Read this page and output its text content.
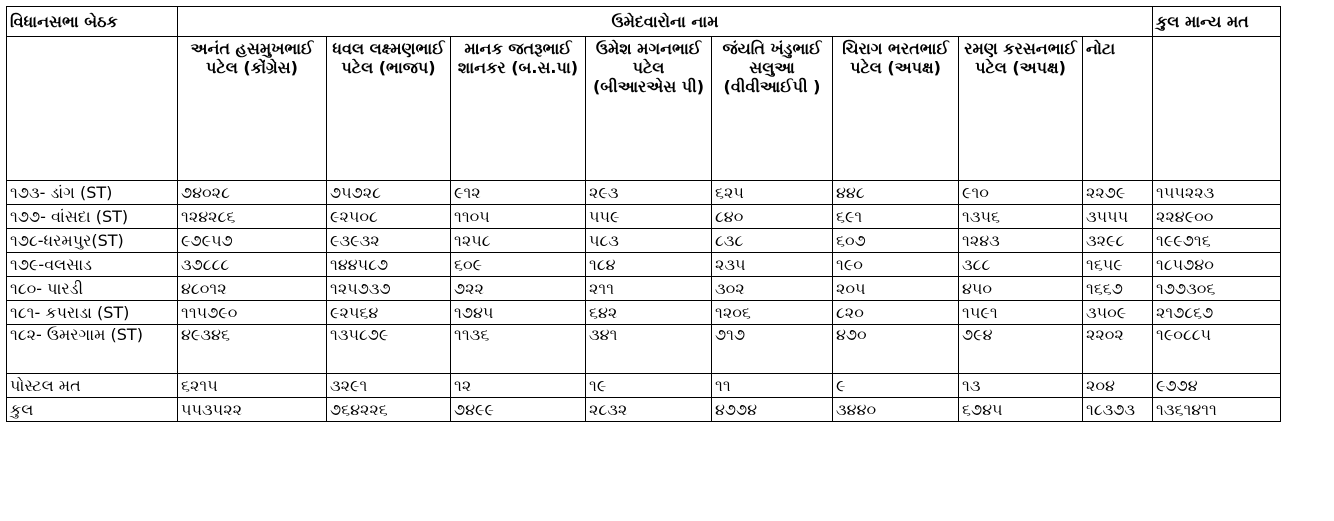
વિધાનસભા બેઠક	ઉમેદવારોના નામ								કુલ માન્ય મત
	અનંત હસમુખભાઈ પટેલ (કોંગ્રેસ)	ધવલ લક્ષ્મણભાઈ પટેલ (ભાજપ)	માનક જતરૂભાઈ શાનકર (બ.સ.પા)	ઉમેશ મગનભાઈ પટેલ (બીઆરએસ પી)	જંયતિ ખંડુભાઈ સલુઆ (વીવીઆઈપી )	ચિરાગ ભરતભાઈ પટેલ (અપક્ષ)	રમણ કરસનભાઈ પટેલ (અપક્ષ)	નોટા	
૧૭૩- ડાંગ (ST)	૭૪૦૨૮	૭૫૭૨૮	૯૧૨	૨૯૩	૬૨૫	૪૪૮	૯૧૦	૨૨૭૯	૧૫૫૨૨૩
૧૭૭- વાંસદા (ST)	૧૨૪૨૮૬	૯૨૫૦૮	૧૧૦૫	૫૫૯	૮૪૦	૬૯૧	૧૩૫૬	૩૫૫૫	૨૨૪૯૦૦
૧૭૮-ધરમપુર(ST)	૯૭૯૫૭	૯૩૯૩૨	૧૨૫૮	૫૮૩	૮૩૮	૬૦૭	૧૨૪૩	૩૨૯૮	૧૯૯૭૧૬
૧૭૯-વલસાડ	૩૭૮૮૮	૧૪૪૫૮૭	૬૦૯	૧૮૪	૨૩૫	૧૯૦	૩૮૮	૧૬૫૯	૧૮૫૭૪૦
૧૮૦- પારડી	૪૮૦૧૨	૧૨૫૭૩૭	૭૨૨	૨૧૧	૩૦૨	૨૦૫	૪૫૦	૧૬૬૭	૧૭૭૩૦૬
૧૮૧- કપરાડા (ST)	૧૧૫૭૯૦	૯૨૫૬૪	૧૭૪૫	૬૪૨	૧૨૦૬	૮૨૦	૧૫૯૧	૩૫૦૯	૨૧૭૮૬૭
૧૮૨- ઉમરગામ (ST)	૪૯૩૪૬	૧૩૫૮૭૯	૧૧૩૬	૩૪૧	૭૧૭	૪૭૦	૭૯૪	૨૨૦૨	૧૯૦૮૮૫
પોસ્ટલ મત	૬૨૧૫	૩૨૯૧	૧૨	૧૯	૧૧	૯	૧૩	૨૦૪	૯૭૭૪
કુલ	૫૫૩૫૨૨	૭૬૪૨૨૬	૭૪૯૯	૨૮૩૨	૪૭૭૪	૩૪૪૦	૬૭૪૫	૧૮૩૭૩	૧૩૬૧૪૧૧
